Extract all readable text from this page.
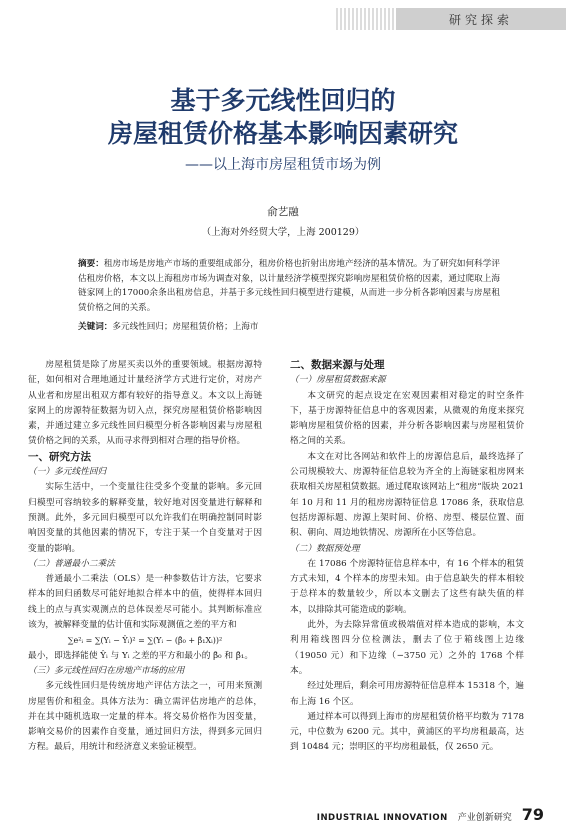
研究探索
基于多元线性回归的
房屋租赁价格基本影响因素研究
——以上海市房屋租赁市场为例
俞艺融
（上海对外经贸大学，上海 200129）
摘要：租房市场是房地产市场的重要组成部分，租房价格也折射出房地产经济的基本情况。为了研究如何科学评估租房价格，本文以上海租房市场为调查对象，以计量经济学模型探究影响房屋租赁价格的因素，通过爬取上海链家网上的17000余条出租房信息，并基于多元线性回归模型进行建模，从而进一步分析各影响因素与房屋租赁价格之间的关系。
关键词：多元线性回归；房屋租赁价格；上海市

房屋租赁是除了房屋买卖以外的重要领域。根据房源特征，如何相对合理地通过计量经济学方式进行定价，对房产从业者和房屋出租双方都有较好的指导意义。本文以上海链家网上的房源特征数据为切入点，探究房屋租赁价格影响因素，并通过建立多元线性回归模型分析各影响因素与房屋租赁价格之间的关系，从而寻求得到相对合理的指导价格。

一、研究方法

（一）多元线性回归

实际生活中，一个变量往往受多个变量的影响。多元回归模型可容纳较多的解释变量，较好地对因变量进行解释和预测。此外，多元回归模型可以允许我们在明确控制同时影响因变量的其他因素的情况下，专注于某一个自变量对于因变量的影响。

（二）普通最小二乘法

普通最小二乘法（OLS）是一种参数估计方法，它要求样本的回归函数尽可能好地拟合样本中的值，使得样本回归线上的点与真实观测点的总体误差尽可能小。其判断标准应该为，被解释变量的估计值和实际观测值之差的平方和

∑e²ᵢ = ∑(Yᵢ − Ŷᵢ)² = ∑(Yᵢ − (β̂₀ + β̂₁Xᵢ))²

最小，即选择能使 Ŷᵢ 与 Yᵢ 之差的平方和最小的 β̂₀ 和 β̂₁。

（三）多元线性回归在房地产市场的应用

多元线性回归是传统房地产评估方法之一，可用来预测房屋售价和租金。具体方法为：确立需评估房地产的总体，并在其中随机选取一定量的样本。将交易价格作为因变量，影响交易价的因素作自变量，通过回归方法，得到多元回归方程。最后，用统计和经济意义来验证模型。

二、数据来源与处理

（一）房屋租赁数据来源

本文研究的起点设定在宏观因素相对稳定的时空条件下，基于房源特征信息中的客观因素，从微观的角度来探究影响房屋租赁价格的因素，并分析各影响因素与房屋租赁价格之间的关系。

本文在对比各网站和软件上的房源信息后，最终选择了公司规模较大、房源特征信息较为齐全的上海链家租房网来获取相关房屋租赁数据。通过爬取该网站上“租房”版块 2021 年 10 月和 11 月的租房房源特征信息 17086 条，获取信息包括房源标题、房源上架时间、价格、房型、楼层位置、面积、朝向、周边地铁情况、房源所在小区等信息。

（二）数据预处理

在 17086 个房源特征信息样本中，有 16 个样本的租赁方式未知，4 个样本的房型未知。由于信息缺失的样本相较于总样本的数量较少，所以本文删去了这些有缺失值的样本，以排除其可能造成的影响。

此外，为去除异常值或极端值对样本造成的影响，本文利用箱线图四分位检测法，删去了位于箱线图上边缘（19050 元）和下边缘（−3750 元）之外的 1768 个样本。

经过处理后，剩余可用房源特征信息样本 15318 个，遍布上海 16 个区。

通过样本可以得到上海市的房屋租赁价格平均数为 7178 元，中位数为 6200 元。其中，黄浦区的平均房租最高，达到 10484 元；崇明区的平均房租最低，仅 2650 元。

INDUSTRIAL INNOVATION 产业创新研究 79
